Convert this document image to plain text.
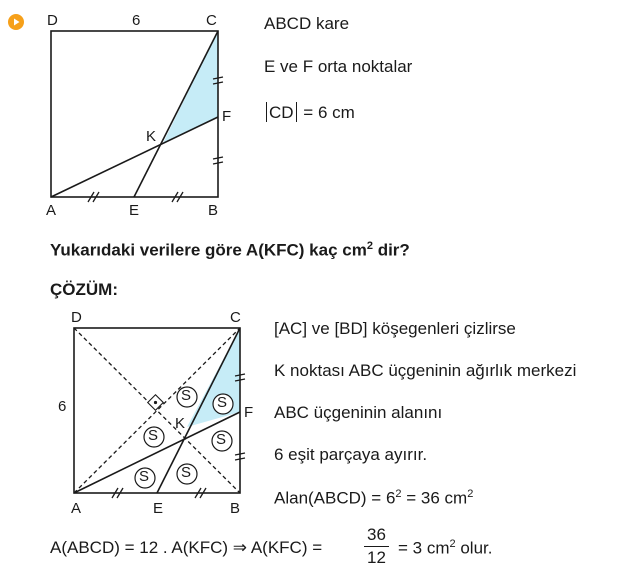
D	6	C
F
K
A	E	B
ABCD kare
E ve F orta noktalar
CD = 6 cm
Yukarıdaki verilere göre A(KFC) kaç $cm^2$ dir?
ÇÖZÜM:
S S
S	S
S S
D	C
6	F
K
A	E	B
[AC] ve [BD] köşegenleri çizlirse
K noktası ABC üçgeninin ağırlık merkezi
ABC üçgeninin alanını
6 eşit parçaya ayırır.
Alan(ABCD) = $6^2 = 36$ $cm^2$
A(ABCD) = 12 . A(KFC) ⇒ $A(KFC) = \frac{36}{12} = 3$ $cm^2$ olur.
